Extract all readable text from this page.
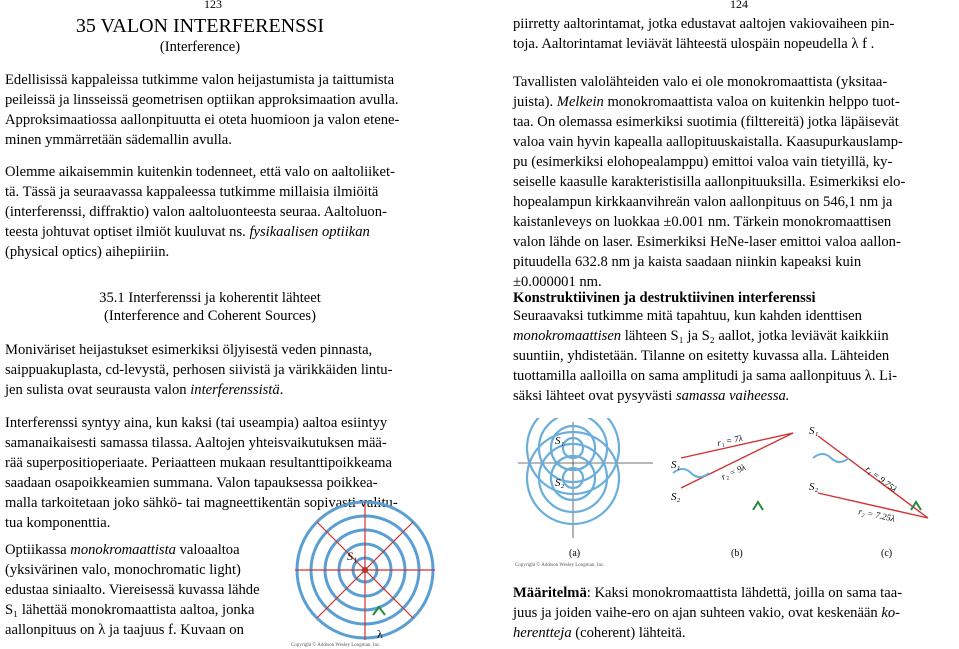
123
35 VALON INTERFERENSSI
(Interference)
Edellisissä kappaleissa tutkimme valon heijastumista ja taittumista
peileissä ja linsseissä geometrisen optiikan approksimaation avulla.
Approksimaatiossa aallonpituutta ei oteta huomioon ja valon etene-
minen ymmärretään sädemallin avulla.
Olemme aikaisemmin kuitenkin todenneet, että valo on aaltoliiket-
tä. Tässä ja seuraavassa kappaleessa tutkimme millaisia ilmiöitä
(interferenssi, diffraktio) valon aaltoluonteesta seuraa. Aaltoluon-
teesta johtuvat optiset ilmiöt kuuluvat ns. fysikaalisen optiikan
(physical optics) aihepiiriin.
35.1 Interferenssi ja koherentit lähteet
(Interference and Coherent Sources)
Moniväriset heijastukset esimerkiksi öljyisestä veden pinnasta,
saippuakuplasta, cd-levystä, perhosen siivistä ja värikkäiden lintu-
jen sulista ovat seurausta valon interferenssistä.
Interferenssi syntyy aina, kun kaksi (tai useampia) aaltoa esiintyy
samanaikaisesti samassa tilassa. Aaltojen yhteisvaikutuksen mää-
rää superpositioperiaate. Periaatteen mukaan resultanttipoikkeama
saadaan osapoikkeamien summana. Valon tapauksessa poikkea-
malla tarkoitetaan joko sähkö- tai magneettikentän sopivasti valitu-
tua komponenttia.
Optiikassa monokromaattista valoaaltoa
(yksivärinen valo, monochromatic light)
edustaa siniaalto. Viereisessä kuvassa lähde
S₁ lähettää monokromaattista aaltoa, jonka
aallonpituus on λ ja taajuus f. Kuvaan on
S₁
λ
Copyright © Addison Wesley Longman, Inc.
124
piirretty aaltorintamat, jotka edustavat aaltojen vakiovaiheen pin-
toja. Aaltorintamat leviävät lähteestä ulospäin nopeudella λ f .
Tavallisten valolähteiden valo ei ole monokromaattista (yksitaa-
juista). Melkein monokromaattista valoa on kuitenkin helppo tuot-
taa. On olemassa esimerkiksi suotimia (filttereitä) jotka läpäisevät
valoa vain hyvin kapealla aallopituuskaistalla. Kaasupurkauslamp-
pu (esimerkiksi elohopealamppu) emittoi valoa vain tietyillä, ky-
seiselle kaasulle karakteristisilla aallonpituuksilla. Esimerkiksi elo-
hopealampun kirkkaanvihreän valon aallonpituus on 546,1 nm ja
kaistanleveys on luokkaa ±0.001 nm. Tärkein monokromaattisen
valon lähde on laser. Esimerkiksi HeNe-laser emittoi valoa aallon-
pituudella 632.8 nm ja kaista saadaan niinkin kapeaksi kuin
±0.000001 nm.
Konstruktiivinen ja destruktiivinen interferenssi
Seuraavaksi tutkimme mitä tapahtuu, kun kahden identtisen
monokromaattisen lähteen S₁ ja S₂ aallot, jotka leviävät kaikkiin
suuntiin, yhdistetään. Tilanne on esitetty kuvassa alla. Lähteiden
tuottamilla aalloilla on sama amplitudi ja sama aallonpituus λ. Li-
säksi lähteet ovat pysyvästi samassa vaiheessa.
S₁
S₂
(a)
S₁
S₂
r₁ = 7λ
r₂ = 9λ
(b)
S₁
S₂	r₁ = 9.75λ
r₂ = 7.25λ
(c)
Copyright © Addison Wesley Longman, Inc.
Määritelmä: Kaksi monokromaattista lähdettä, joilla on sama taa-
juus ja joiden vaihe-ero on ajan suhteen vakio, ovat keskenään ko-
herentteja (coherent) lähteitä.
